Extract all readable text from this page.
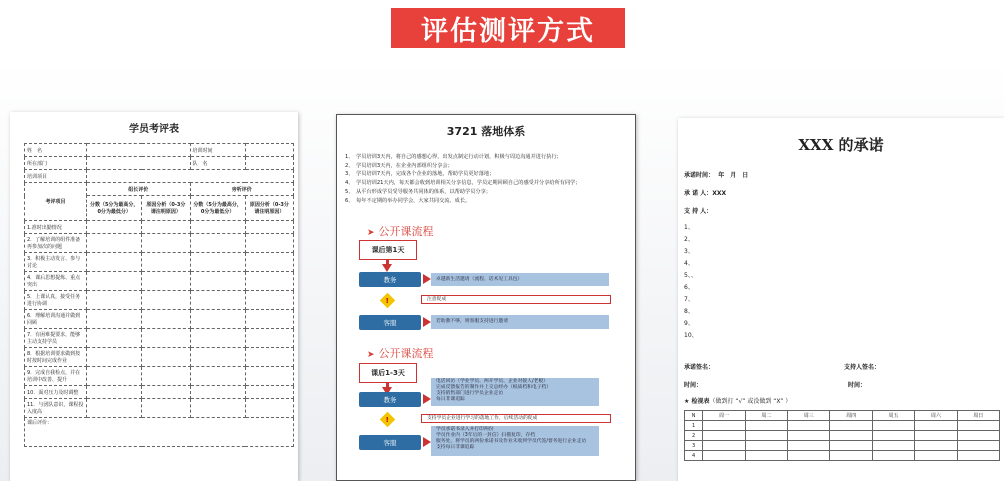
评估测评方式
学员考评表
姓　名			培训时间	
所在部门			队　名	
培训项目				
考评项目	组长评价		旁听评价	
	分数（5分为最高分，0分为最低分）	原因分析（0-3分请注明原因）	分数（5分为最高分，0分为最低分）	原因分析（0-3分请注明原因）
1.准时出勤情况				
2．了解培训的组件准备再参加次的问题				
3．积极主动发言、参与讨论				
4．课后思想提炼、重点突出				
5．上课认真，接受任务进行协调				
6．理解培训沟通并做到回顾				
7．有困难提要求，能够主动支持学员				
8．根据培训要求做到按时按时间完成作业				
9．完成自我检点，并在培训中改善、提升				
10．面对压力及时调整				
11．与团队意识，课程投入度高				
课后评价：				
3721 落地体系
1、　学员培训3天内，将自己的感想心得，出发点制定行动计划，积极与周边沟通并进行执行；
2、　学员培训3天内，在企业内部组织分享会；
3、　学员培训7天内，完成各个企业的落地，帮助学员更好落地；
4、　学员培训21天内，每天都会收到培训相关分享信息，学员定期回顾自己的感受并分享给所有同学；
5、　从平台形成学员受导服务共同体的体系，以帮助学员分享；
6、　每年不定期的举办同学会，大家共同交流、成长。
➤ 公开课流程
课后第1天
教务	卓越新生活邀请（流程、话术见工具包）
!	注意促成
客服	若助教不够，则客服支持进行邀请
➤ 公开课流程
课后1-3天
教务
电话回访（学业学员、两开学员、企业对接人/老板）
完成反馈报告的制作并上交总经办（纸质档和电子档）
支持销售部门进行学员企业走访
每日非课追踪
!	支持学员企业进行学习的落地工作，后续活动的促成
客服
学员承诺书录入并打印两份
学员作业内（3年后的一封信）扫描复印，存档
服务处，将学员的两份承诺书及作业未收到学员代签/督务进行企业走访
支持每日非课追踪
XXX 的承诺
承诺时间： 年　月　日
承 诺 人：XXX
支 持 人：
1、
2、
3、
4、
5、、
6、
7、
8、
9、
10、
承诺签名：	支持人签名：
时间：	时间：
★ 检视表（做到打 “√” 或没做到 “X” ）
N	周一	周二	周三	周四	周五	周六	周日
1							
2							
3							
4							
